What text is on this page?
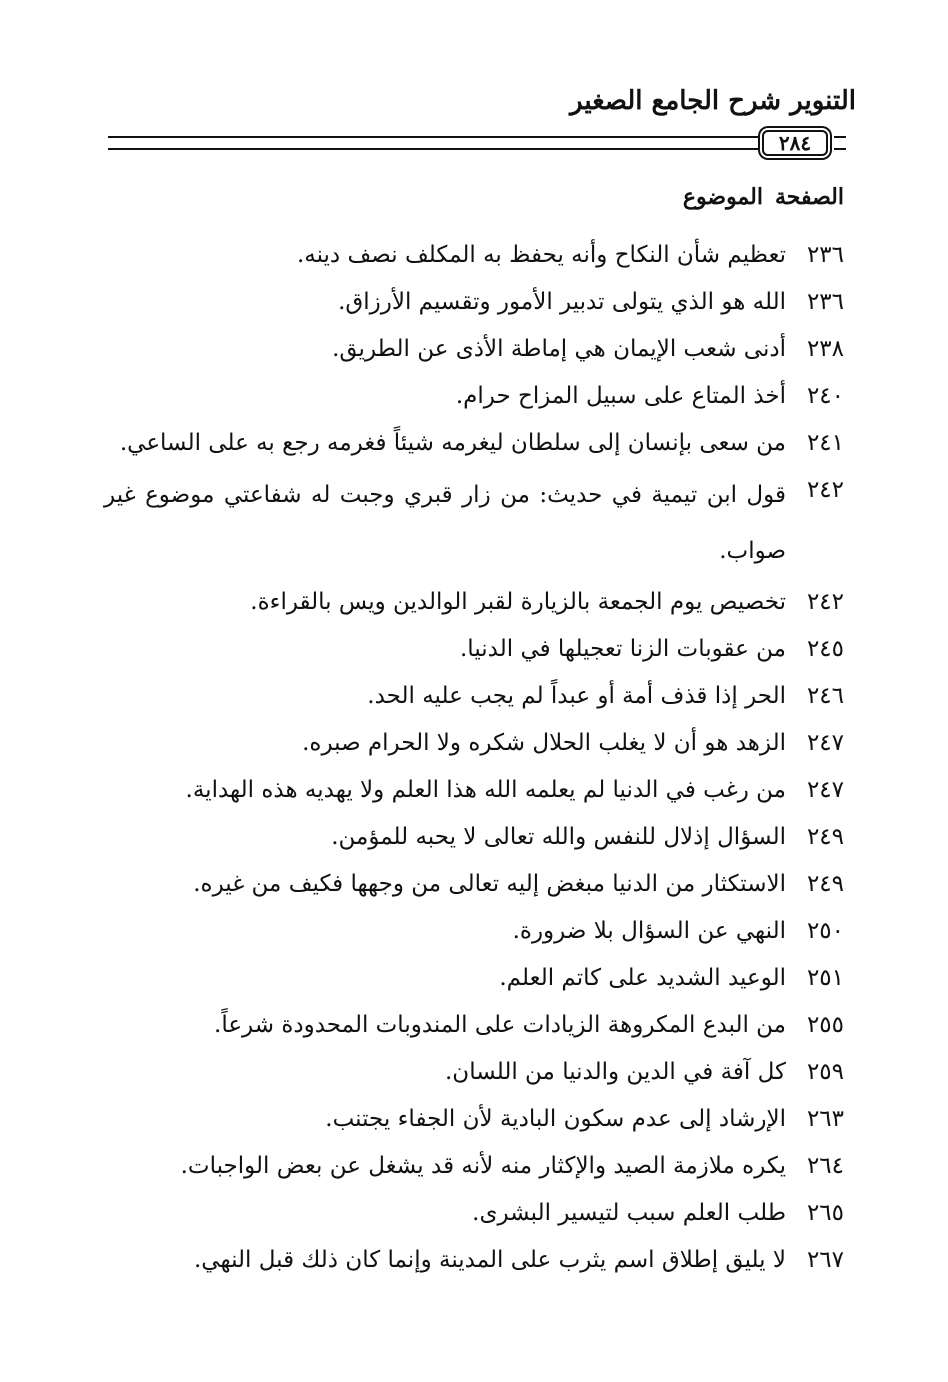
التنوير شرح الجامع الصغير
٢٨٤
الصفحةالموضوع
٢٣٦
تعظيم شأن النكاح وأنه يحفظ به المكلف نصف دينه.
٢٣٦
الله هو الذي يتولى تدبير الأمور وتقسيم الأرزاق.
٢٣٨
أدنى شعب الإيمان هي إماطة الأذى عن الطريق.
٢٤٠
أخذ المتاع على سبيل المزاح حرام.
٢٤١
من سعى بإنسان إلى سلطان ليغرمه شيئاً فغرمه رجع به على الساعي.
٢٤٢
قول ابن تيمية في حديث: من زار قبري وجبت له شفاعتي موضوع غير صواب.
٢٤٢
تخصيص يوم الجمعة بالزيارة لقبر الوالدين ويس بالقراءة.
٢٤٥
من عقوبات الزنا تعجيلها في الدنيا.
٢٤٦
الحر إذا قذف أمة أو عبداً لم يجب عليه الحد.
٢٤٧
الزهد هو أن لا يغلب الحلال شكره ولا الحرام صبره.
٢٤٧
من رغب في الدنيا لم يعلمه الله هذا العلم ولا يهديه هذه الهداية.
٢٤٩
السؤال إذلال للنفس والله تعالى لا يحبه للمؤمن.
٢٤٩
الاستكثار من الدنيا مبغض إليه تعالى من وجهها فكيف من غيره.
٢٥٠
النهي عن السؤال بلا ضرورة.
٢٥١
الوعيد الشديد على كاتم العلم.
٢٥٥
من البدع المكروهة الزيادات على المندوبات المحدودة شرعاً.
٢٥٩
كل آفة في الدين والدنيا من اللسان.
٢٦٣
الإرشاد إلى عدم سكون البادية لأن الجفاء يجتنب.
٢٦٤
يكره ملازمة الصيد والإكثار منه لأنه قد يشغل عن بعض الواجبات.
٢٦٥
طلب العلم سبب لتيسير البشرى.
٢٦٧
لا يليق إطلاق اسم يثرب على المدينة وإنما كان ذلك قبل النهي.
